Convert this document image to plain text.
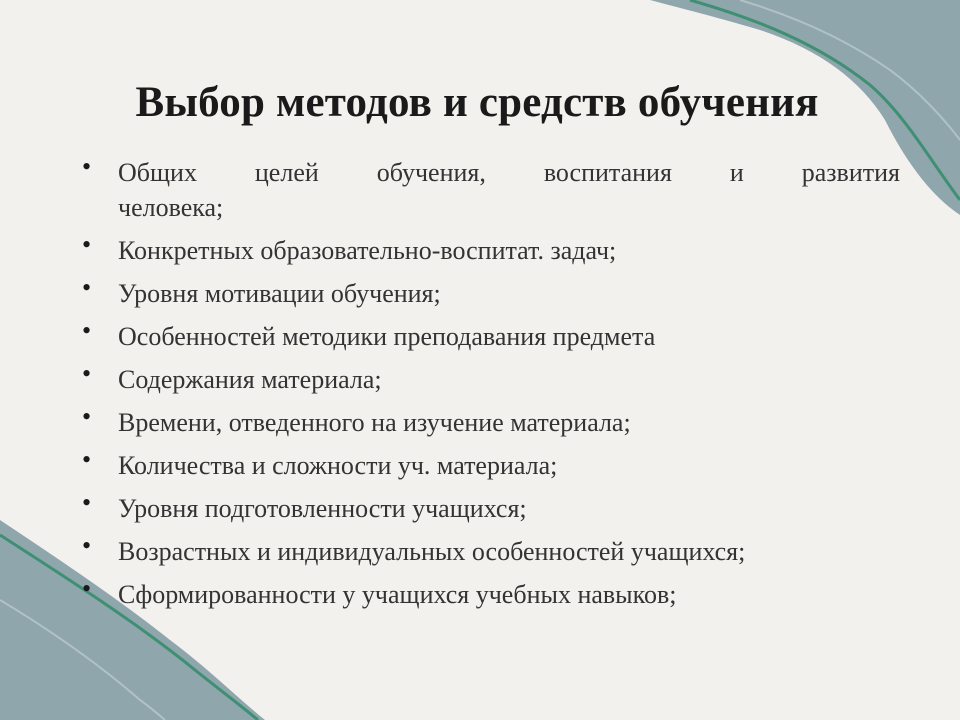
Выбор методов и средств обучения
• Общих целей обучения, воспитания и развития
человека;
• Конкретных образовательно-воспитат. задач;
• Уровня мотивации обучения;
• Особенностей методики преподавания предмета
• Содержания материала;
• Времени, отведенного на изучение материала;
• Количества и сложности уч. материала;
• Уровня подготовленности учащихся;
• Возрастных и индивидуальных особенностей учащихся;
• Сформированности у учащихся учебных навыков;
